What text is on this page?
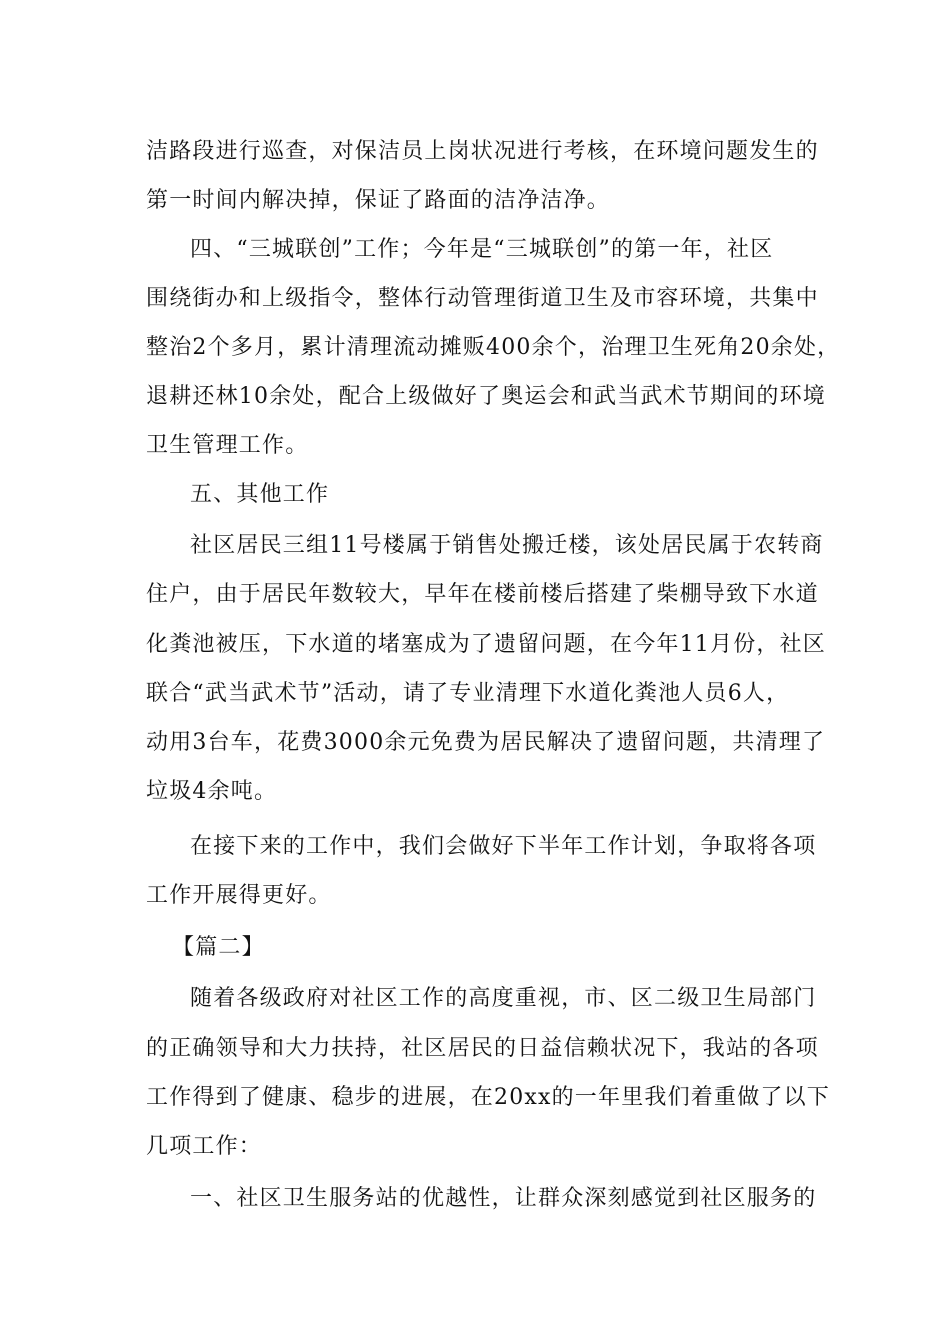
洁路段进行巡查，对保洁员上岗状况进行考核，在环境问题发生的
第一时间内解决掉，保证了路面的洁净洁净。
四、“三城联创”工作；今年是“三城联创”的第一年，社区
围绕街办和上级指令，整体行动管理街道卫生及市容环境，共集中
整治2个多月，累计清理流动摊贩400余个，治理卫生死角20余处，
退耕还林10余处，配合上级做好了奥运会和武当武术节期间的环境
卫生管理工作。
五、其他工作
社区居民三组11号楼属于销售处搬迁楼，该处居民属于农转商
住户，由于居民年数较大，早年在楼前楼后搭建了柴棚导致下水道
化粪池被压，下水道的堵塞成为了遗留问题，在今年11月份，社区
联合“武当武术节”活动，请了专业清理下水道化粪池人员6人，
动用3台车，花费3000余元免费为居民解决了遗留问题，共清理了
垃圾4余吨。
在接下来的工作中，我们会做好下半年工作计划，争取将各项
工作开展得更好。
【篇二】
随着各级政府对社区工作的高度重视，市、区二级卫生局部门
的正确领导和大力扶持，社区居民的日益信赖状况下，我站的各项
工作得到了健康、稳步的进展，在20xx的一年里我们着重做了以下
几项工作：
一、社区卫生服务站的优越性，让群众深刻感觉到社区服务的
